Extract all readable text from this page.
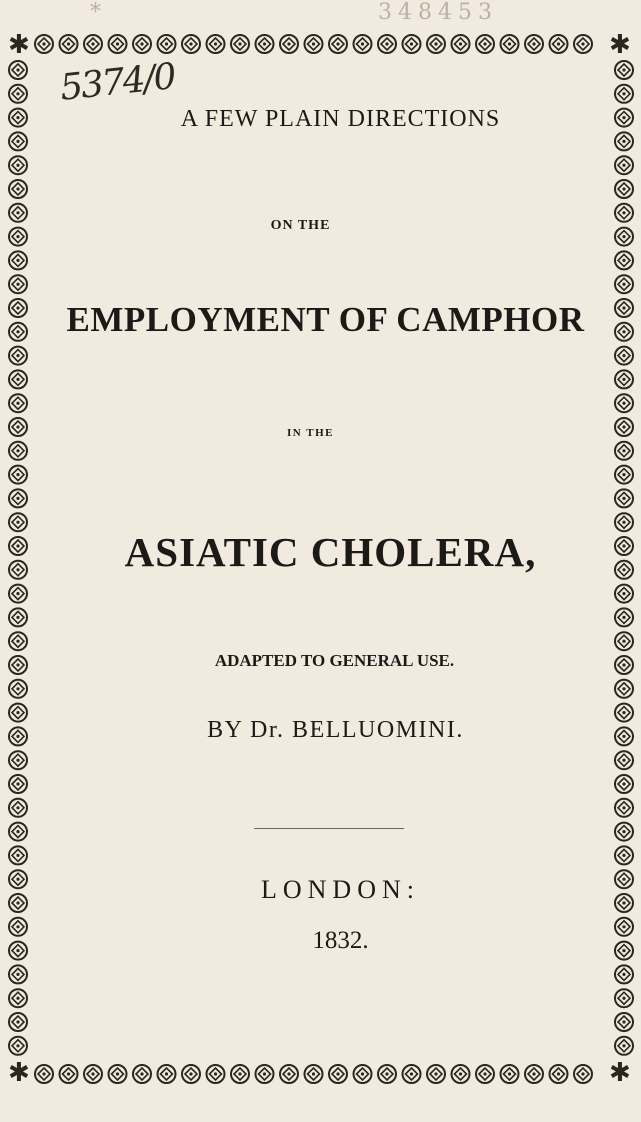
*	348453
✱	✱
✱	✱
5374/0
A FEW PLAIN DIRECTIONS
ON THE
EMPLOYMENT OF CAMPHOR
IN THE
ASIATIC CHOLERA,
ADAPTED TO GENERAL USE.
BY Dr. BELLUOMINI.
LONDON:
1832.
